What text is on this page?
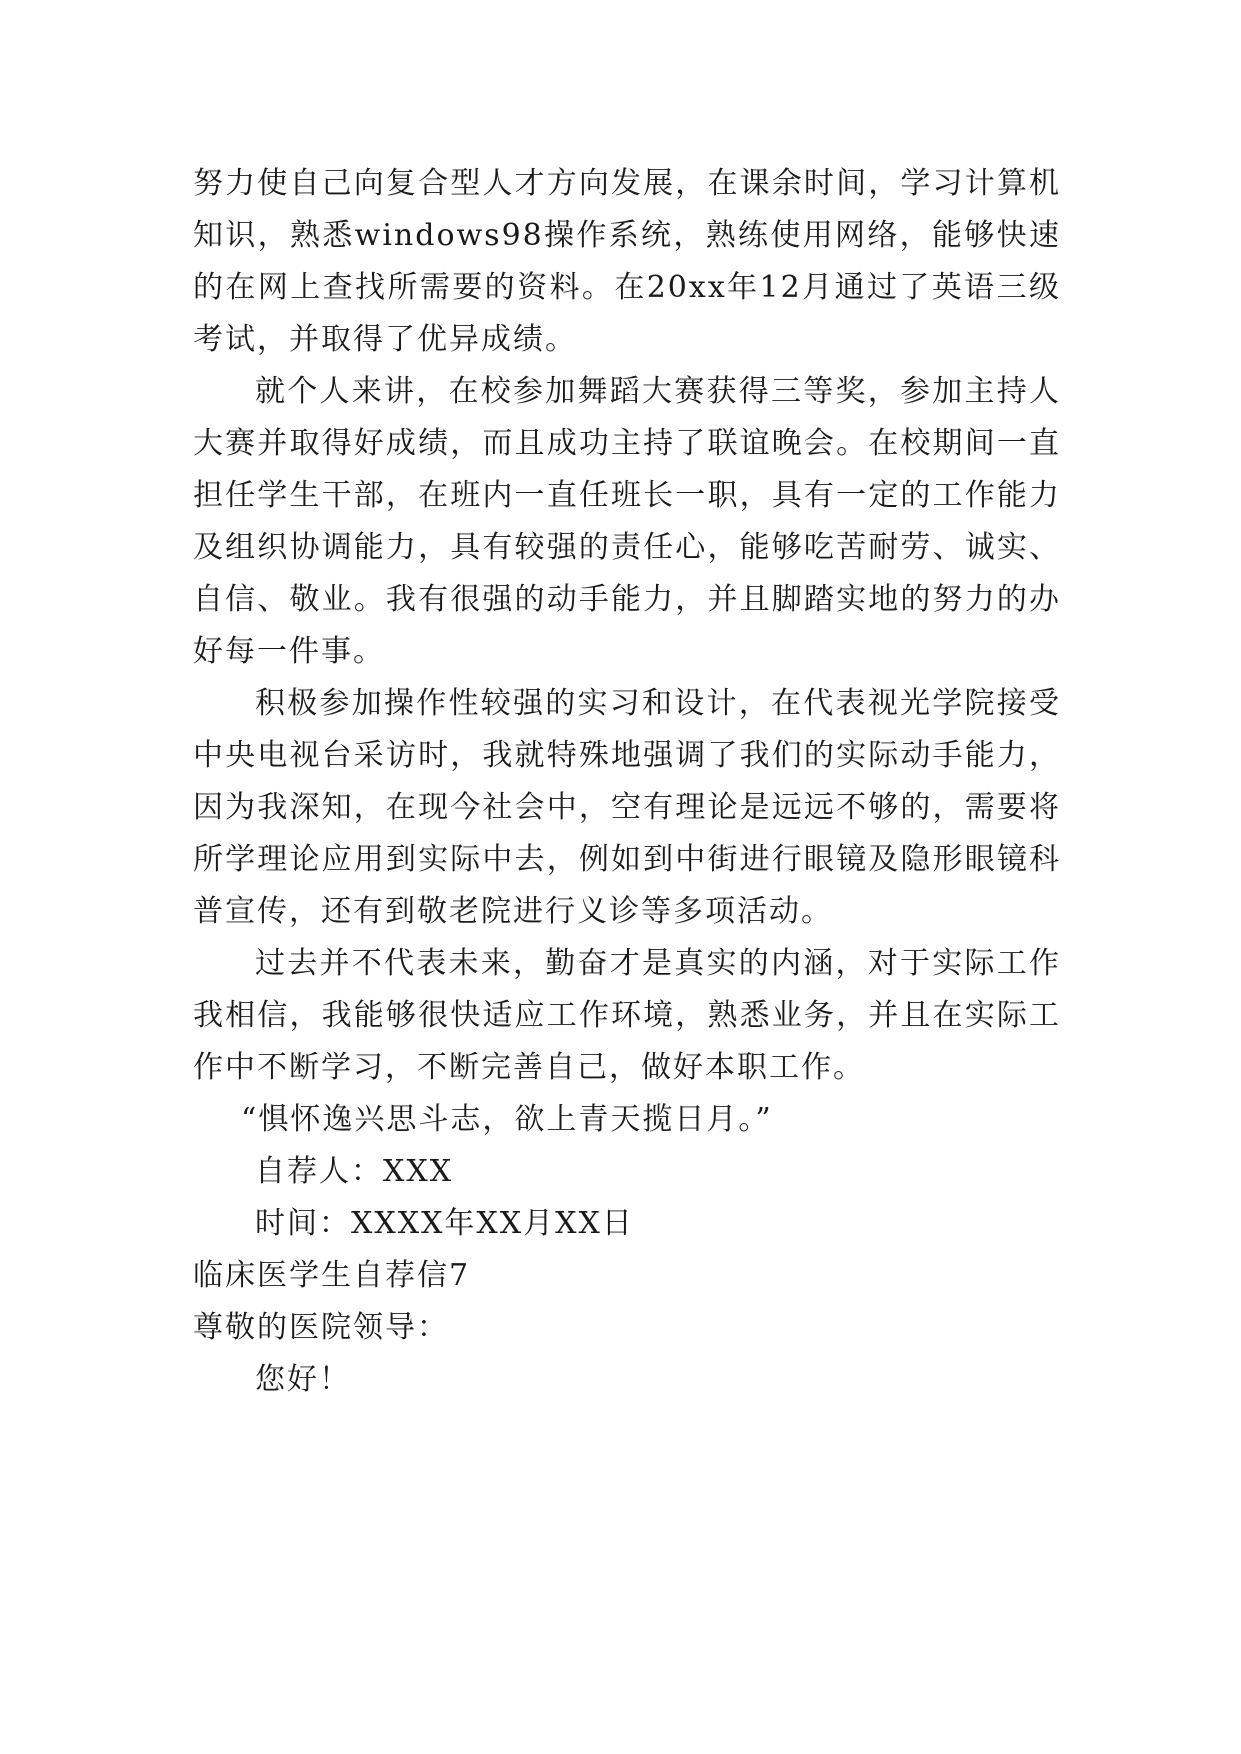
努力使自己向复合型人才方向发展，在课余时间，学习计算机知识，熟悉windows98操作系统，熟练使用网络，能够快速的在网上查找所需要的资料。在20xx年12月通过了英语三级考试，并取得了优异成绩。

就个人来讲，在校参加舞蹈大赛获得三等奖，参加主持人大赛并取得好成绩，而且成功主持了联谊晚会。在校期间一直担任学生干部，在班内一直任班长一职，具有一定的工作能力及组织协调能力，具有较强的责任心，能够吃苦耐劳、诚实、自信、敬业。我有很强的动手能力，并且脚踏实地的努力的办好每一件事。

积极参加操作性较强的实习和设计，在代表视光学院接受中央电视台采访时，我就特殊地强调了我们的实际动手能力，因为我深知，在现今社会中，空有理论是远远不够的，需要将所学理论应用到实际中去，例如到中街进行眼镜及隐形眼镜科普宣传，还有到敬老院进行义诊等多项活动。

过去并不代表未来，勤奋才是真实的内涵，对于实际工作我相信，我能够很快适应工作环境，熟悉业务，并且在实际工作中不断学习，不断完善自己，做好本职工作。

“惧怀逸兴思斗志，欲上青天揽日月。”

自荐人：XXX

时间：XXXX年XX月XX日

临床医学生自荐信7

尊敬的医院领导：

您好！
